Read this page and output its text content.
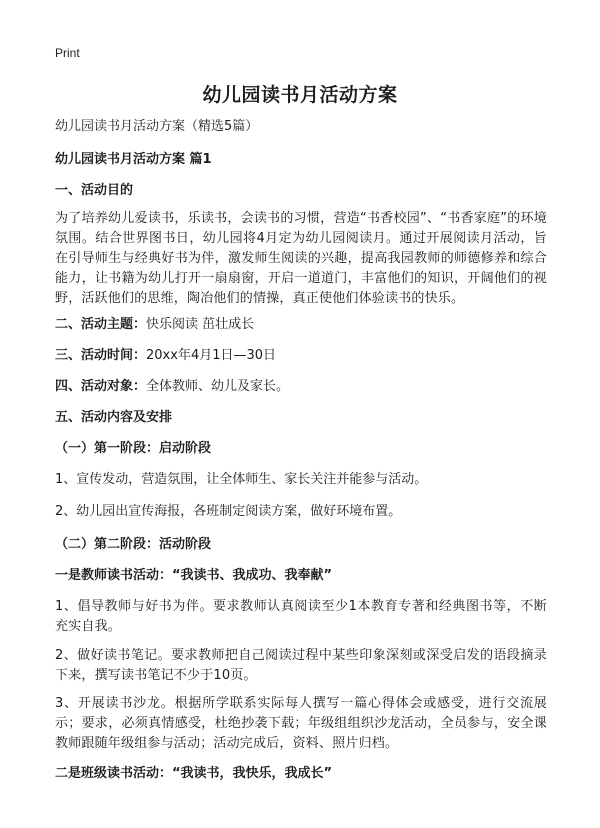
Print
幼儿园读书月活动方案
幼儿园读书月活动方案（精选5篇）
幼儿园读书月活动方案 篇1
一、活动目的
为了培养幼儿爱读书，乐读书，会读书的习惯，营造“书香校园”、“书香家庭”的环境氛围。结合世界图书日，幼儿园将4月定为幼儿园阅读月。通过开展阅读月活动，旨在引导师生与经典好书为伴，激发师生阅读的兴趣，提高我园教师的师德修养和综合能力，让书籍为幼儿打开一扇扇窗，开启一道道门，丰富他们的知识，开阔他们的视野，活跃他们的思维，陶冶他们的情操，真正使他们体验读书的快乐。
二、活动主题：快乐阅读 茁壮成长
三、活动时间：20xx年4月1日—30日
四、活动对象：全体教师、幼儿及家长。
五、活动内容及安排
（一）第一阶段：启动阶段
1、宣传发动，营造氛围，让全体师生、家长关注并能参与活动。
2、幼儿园出宣传海报，各班制定阅读方案，做好环境布置。
（二）第二阶段：活动阶段
一是教师读书活动：“我读书、我成功、我奉献”
1、倡导教师与好书为伴。要求教师认真阅读至少1本教育专著和经典图书等，不断充实自我。
2、做好读书笔记。要求教师把自己阅读过程中某些印象深刻或深受启发的语段摘录下来，撰写读书笔记不少于10页。
3、开展读书沙龙。根据所学联系实际每人撰写一篇心得体会或感受，进行交流展示；要求，必须真情感受，杜绝抄袭下载；年级组组织沙龙活动，全员参与，安全课教师跟随年级组参与活动；活动完成后，资料、照片归档。
二是班级读书活动：“我读书，我快乐，我成长”
